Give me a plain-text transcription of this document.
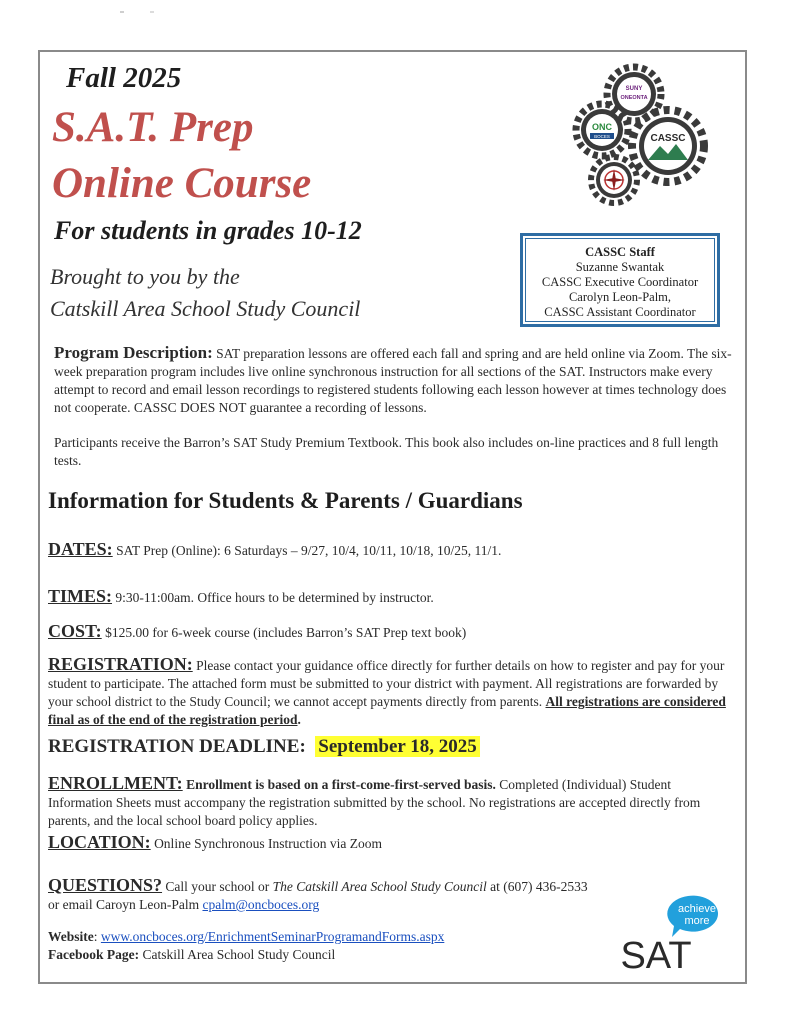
Fall 2025
S.A.T. Prep
Online Course
For students in grades 10-12
Brought to you by the
Catskill Area School Study Council
SUNY
ONEONTA
ONC
BOCES	CASSC
CASSC Staff
Suzanne Swantak
CASSC Executive Coordinator
Carolyn Leon-Palm,
CASSC Assistant Coordinator
Program Description: SAT preparation lessons are offered each fall and spring and are held online via Zoom. The six-week preparation program includes live online synchronous instruction for all sections of the SAT. Instructors make every attempt to record and email lesson recordings to registered students following each lesson however at times technology does not cooperate. CASSC DOES NOT guarantee a recording of lessons.
Participants receive the Barron’s SAT Study Premium Textbook. This book also includes on-line practices and 8 full length tests.
Information for Students & Parents / Guardians
DATES: SAT Prep (Online): 6 Saturdays – 9/27, 10/4, 10/11, 10/18, 10/25, 11/1.
TIMES: 9:30-11:00am. Office hours to be determined by instructor.
COST: $125.00 for 6-week course (includes Barron’s SAT Prep text book)
REGISTRATION: Please contact your guidance office directly for further details on how to register and pay for your student to participate. The attached form must be submitted to your district with payment. All registrations are forwarded by your school district to the Study Council; we cannot accept payments directly from parents. All registrations are considered final as of the end of the registration period.
REGISTRATION DEADLINE: September 18, 2025
ENROLLMENT: Enrollment is based on a first-come-first-served basis. Completed (Individual) Student Information Sheets must accompany the registration submitted by the school. No registrations are accepted directly from parents, and the local school board policy applies.
LOCATION: Online Synchronous Instruction via Zoom
QUESTIONS? Call your school or The Catskill Area School Study Council at (607) 436-2533
or email Caroyn Leon-Palm cpalm@oncboces.org
Website: www.oncboces.org/EnrichmentSeminarProgramandForms.aspx
Facebook Page: Catskill Area School Study Council
achieve
more
SAT
